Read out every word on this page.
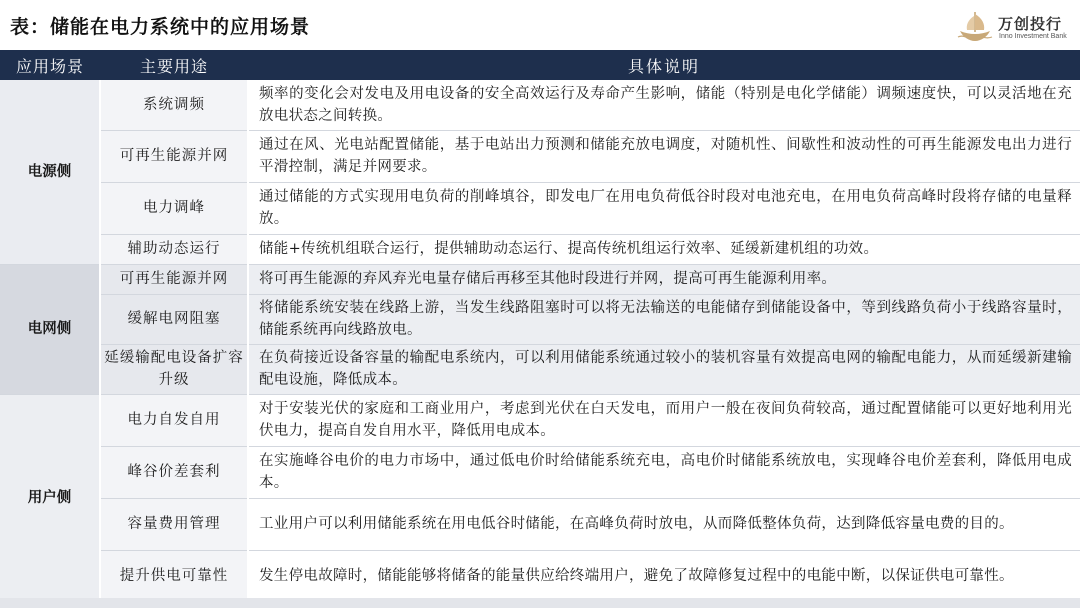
表：储能在电力系统中的应用场景	万创投行
Inno Investment Bank
应用场景	主要用途	具体说明
电源侧	系统调频	频率的变化会对发电及用电设备的安全高效运行及寿命产生影响，储能（特别是电化学储能）调频速度快，可以灵活地在充放电状态之间转换。
	可再生能源并网	通过在风、光电站配置储能，基于电站出力预测和储能充放电调度，对随机性、间歇性和波动性的可再生能源发电出力进行平滑控制，满足并网要求。
	电力调峰	通过储能的方式实现用电负荷的削峰填谷，即发电厂在用电负荷低谷时段对电池充电，在用电负荷高峰时段将存储的电量释放。
	辅助动态运行	储能+传统机组联合运行，提供辅助动态运行、提高传统机组运行效率、延缓新建机组的功效。
电网侧	可再生能源并网	将可再生能源的弃风弃光电量存储后再移至其他时段进行并网，提高可再生能源利用率。
	缓解电网阻塞	将储能系统安装在线路上游，当发生线路阻塞时可以将无法输送的电能储存到储能设备中，等到线路负荷小于线路容量时，储能系统再向线路放电。
	延缓输配电设备扩容升级	在负荷接近设备容量的输配电系统内，可以利用储能系统通过较小的装机容量有效提高电网的输配电能力，从而延缓新建输配电设施，降低成本。
用户侧	电力自发自用	对于安装光伏的家庭和工商业用户，考虑到光伏在白天发电，而用户一般在夜间负荷较高，通过配置储能可以更好地利用光伏电力，提高自发自用水平，降低用电成本。
	峰谷价差套利	在实施峰谷电价的电力市场中，通过低电价时给储能系统充电，高电价时储能系统放电，实现峰谷电价差套利，降低用电成本。
	容量费用管理	工业用户可以利用储能系统在用电低谷时储能，在高峰负荷时放电，从而降低整体负荷，达到降低容量电费的目的。
	提升供电可靠性	发生停电故障时，储能能够将储备的能量供应给终端用户，避免了故障修复过程中的电能中断，以保证供电可靠性。
